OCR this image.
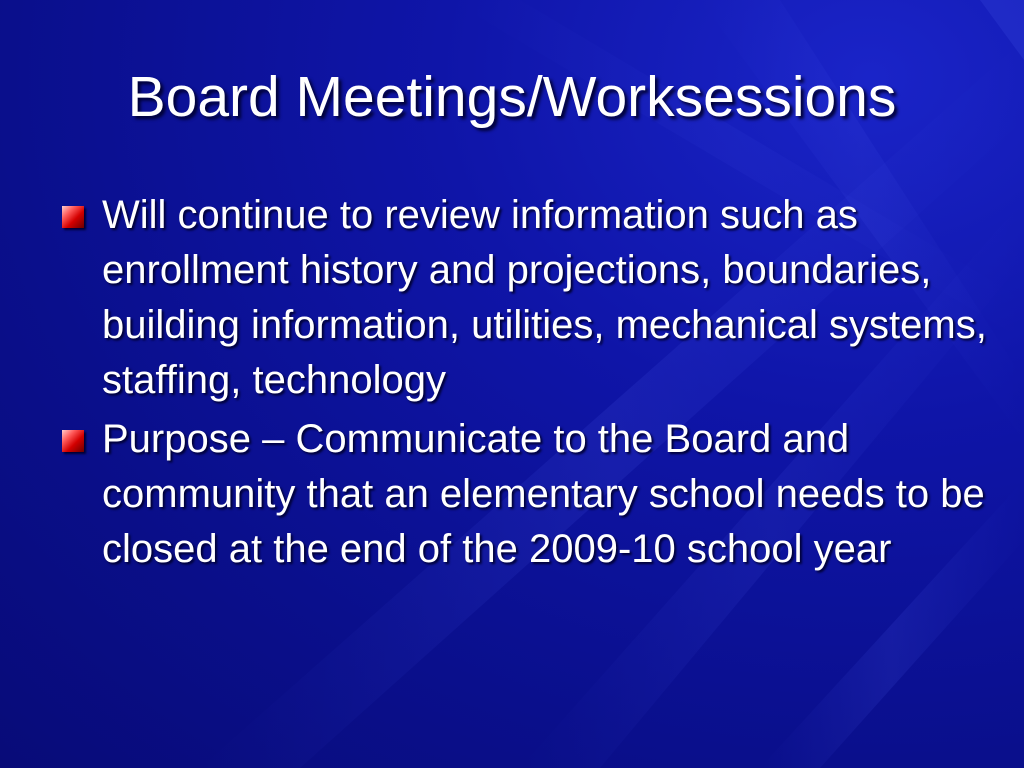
Board Meetings/Worksessions
Will continue to review information such as enrollment history and projections, boundaries, building information, utilities, mechanical systems, staffing, technology
Purpose – Communicate to the Board and community that an elementary school needs to be closed at the end of the 2009-10 school year
